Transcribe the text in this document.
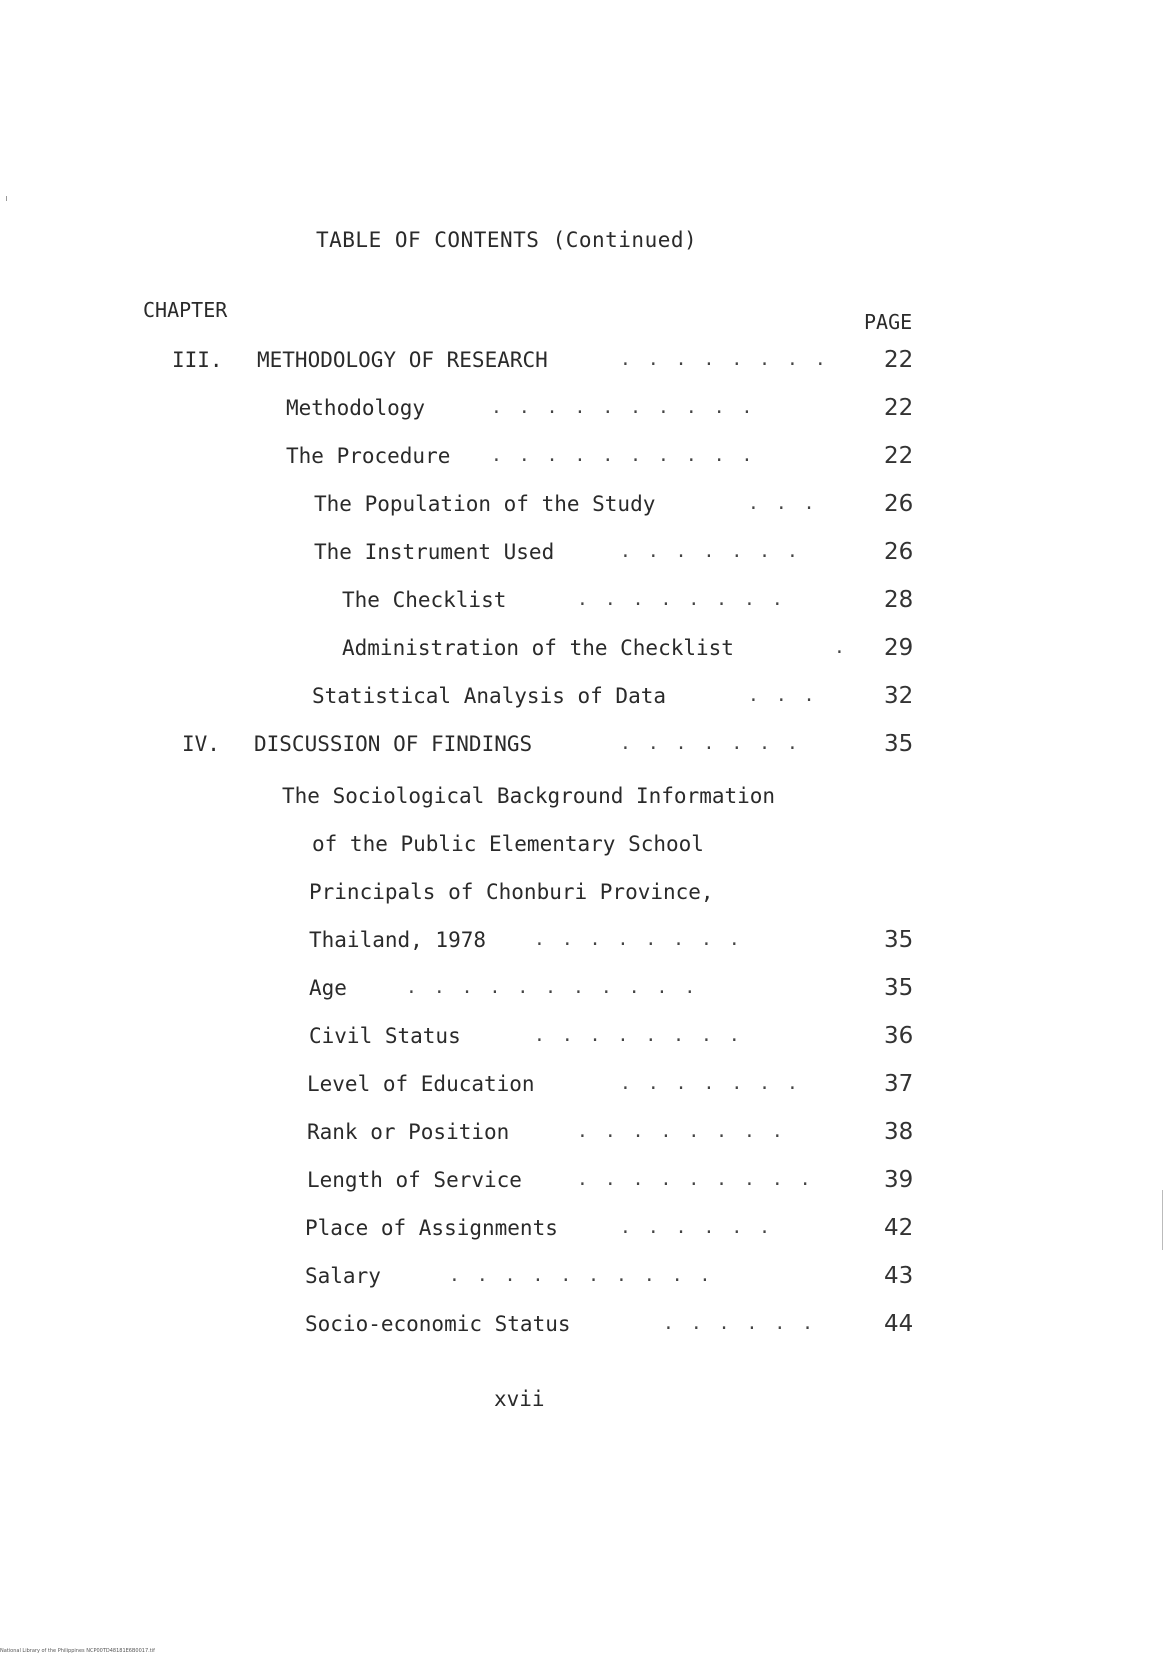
TABLE OF CONTENTS (Continued)
CHAPTER	PAGE
III. METHODOLOGY OF RESEARCH	........ 22
Methodology	..........	22
The Procedure ..........	22
The Population of the Study	... 26
The Instrument Used	.......	26
The Checklist	........	28
Administration of the Checklist	. 29
Statistical Analysis of Data	... 32
IV. DISCUSSION OF FINDINGS	.......	35
The Sociological Background Information
of the Public Elementary School
Principals of Chonburi Province,
Thailand, 1978	........	35
Age	...........	35
Civil Status	........	36
Level of Education	.......	37
Rank or Position	........	38
Length of Service	......... 39
Place of Assignments	......	42
Salary	..........	43
Socio-economic Status	...... 44
xvii
National Library of the Philippines NCP00TD48181E6B0017.tif
